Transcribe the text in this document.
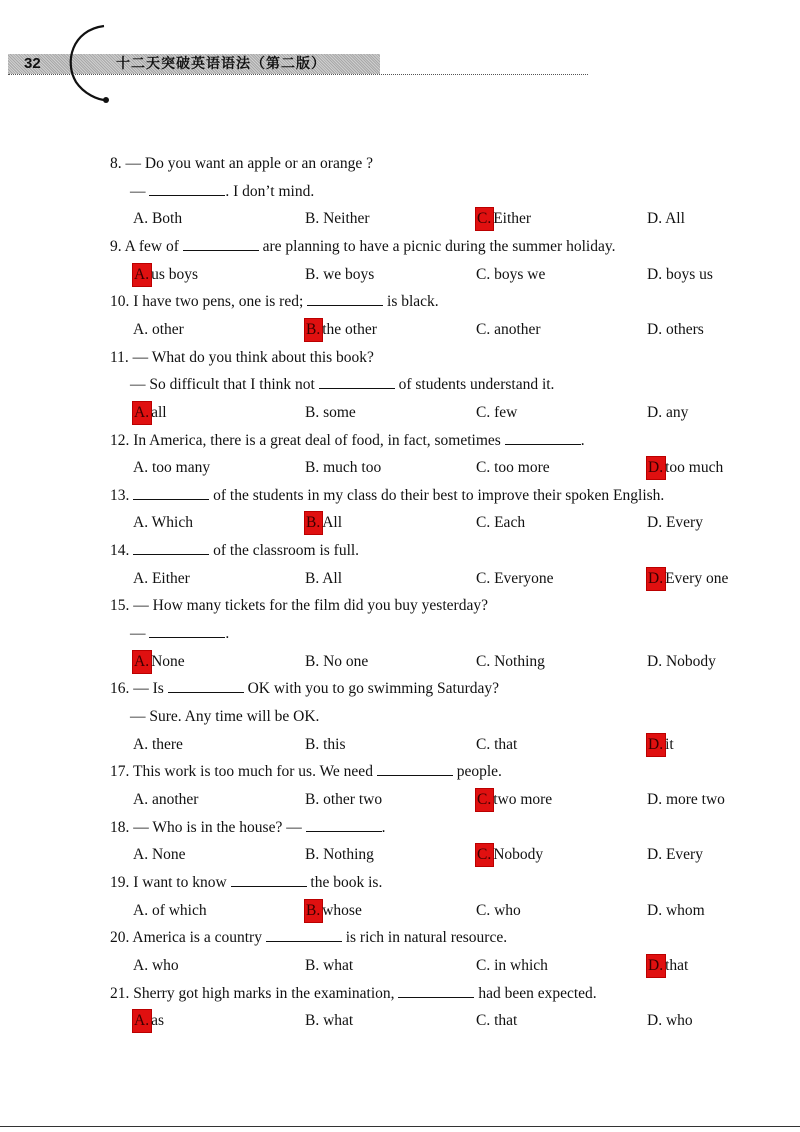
32	十二天突破英语语法（第二版）
8. — Do you want an apple or an orange ?
—	. I don’t mind.
A. Both	B. Neither	C. Either	D. All
9. A few of	are planning to have a picnic during the summer holiday.
A. us boys	B. we boys	C. boys we	D. boys us
10. I have two pens, one is red;	is black.
A. other	B. the other	C. another	D. others
11. — What do you think about this book?
— So difficult that I think not	of students understand it.
A. all	B. some	C. few	D. any
12. In America, there is a great deal of food, in fact, sometimes	.
A. too many	B. much too	C. too more	D. too much
13.	of the students in my class do their best to improve their spoken English.
A. Which	B. All	C. Each	D. Every
14.	of the classroom is full.
A. Either	B. All	C. Everyone	D. Every one
15. — How many tickets for the film did you buy yesterday?
—	.
A. None	B. No one	C. Nothing	D. Nobody
16. — Is	OK with you to go swimming Saturday?
— Sure. Any time will be OK.
A. there	B. this	C. that	D. it
17. This work is too much for us. We need	people.
A. another	B. other two	C. two more	D. more two
18. — Who is in the house? —	.
A. None	B. Nothing	C. Nobody	D. Every
19. I want to know	the book is.
A. of which	B. whose	C. who	D. whom
20. America is a country	is rich in natural resource.
A. who	B. what	C. in which	D. that
21. Sherry got high marks in the examination,	had been expected.
A. as	B. what	C. that	D. who
